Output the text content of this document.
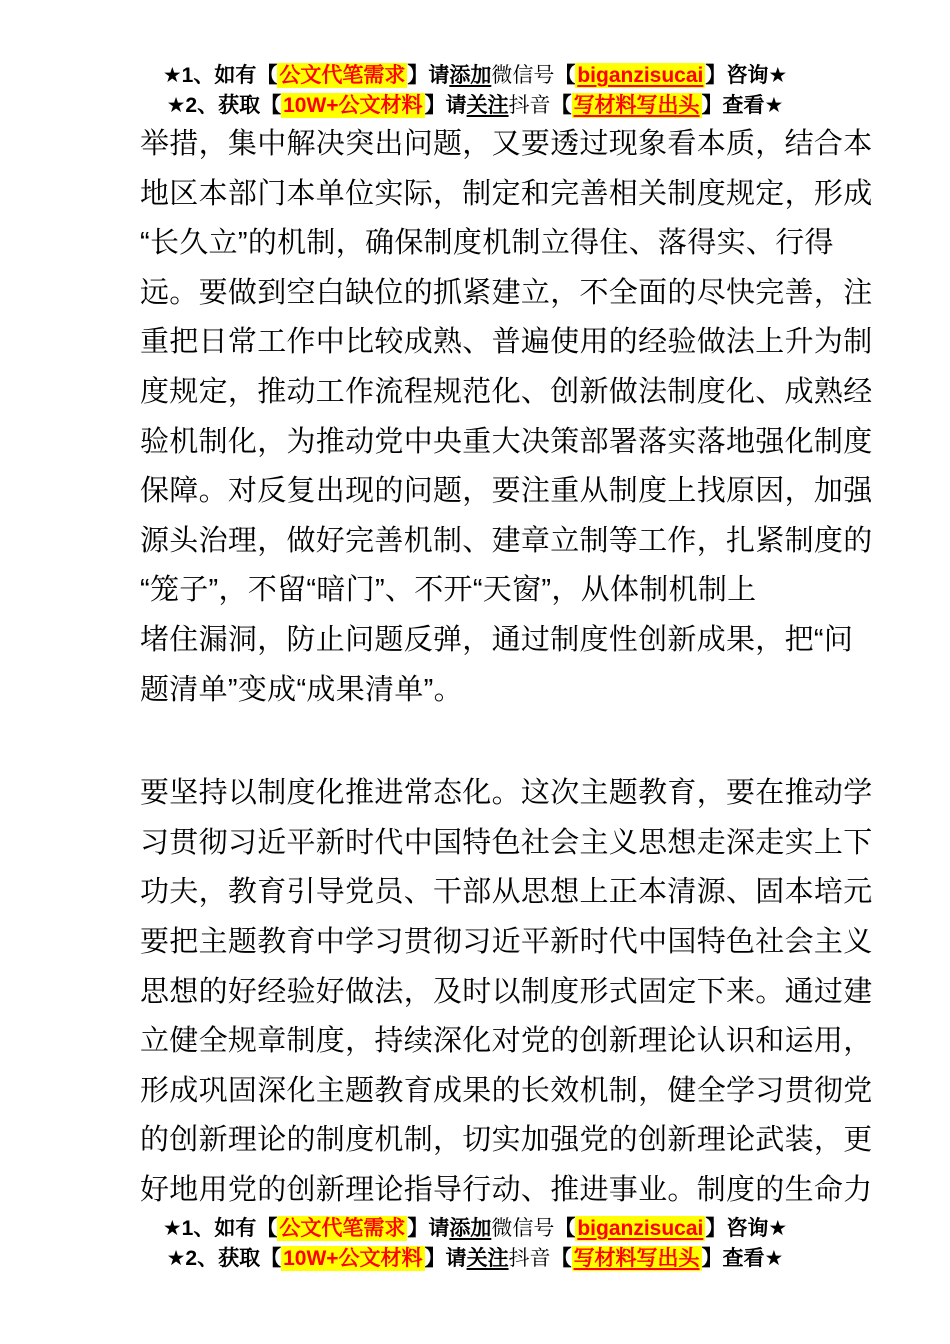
★1、如有【公文代笔需求】请添加微信号【biganzisucai】咨询★
★2、获取【10W+公文材料】请关注抖音【写材料写出头】查看★
举措，集中解决突出问题，又要透过现象看本质，结合本
地区本部门本单位实际，制定和完善相关制度规定，形成
“长久立”的机制，确保制度机制立得住、落得实、行得
远。要做到空白缺位的抓紧建立，不全面的尽快完善，注
重把日常工作中比较成熟、普遍使用的经验做法上升为制
度规定，推动工作流程规范化、创新做法制度化、成熟经
验机制化，为推动党中央重大决策部署落实落地强化制度
保障。对反复出现的问题，要注重从制度上找原因，加强
源头治理，做好完善机制、建章立制等工作，扎紧制度的
“笼子”，不留“暗门”、不开“天窗”，从体制机制上
堵住漏洞，防止问题反弹，通过制度性创新成果，把“问
题清单”变成“成果清单”。
要坚持以制度化推进常态化。这次主题教育，要在推动学
习贯彻习近平新时代中国特色社会主义思想走深走实上下
功夫，教育引导党员、干部从思想上正本清源、固本培元
要把主题教育中学习贯彻习近平新时代中国特色社会主义
思想的好经验好做法，及时以制度形式固定下来。通过建
立健全规章制度，持续深化对党的创新理论认识和运用，
形成巩固深化主题教育成果的长效机制，健全学习贯彻党
的创新理论的制度机制，切实加强党的创新理论武装，更
好地用党的创新理论指导行动、推进事业。制度的生命力
★1、如有【公文代笔需求】请添加微信号【biganzisucai】咨询★
★2、获取【10W+公文材料】请关注抖音【写材料写出头】查看★
